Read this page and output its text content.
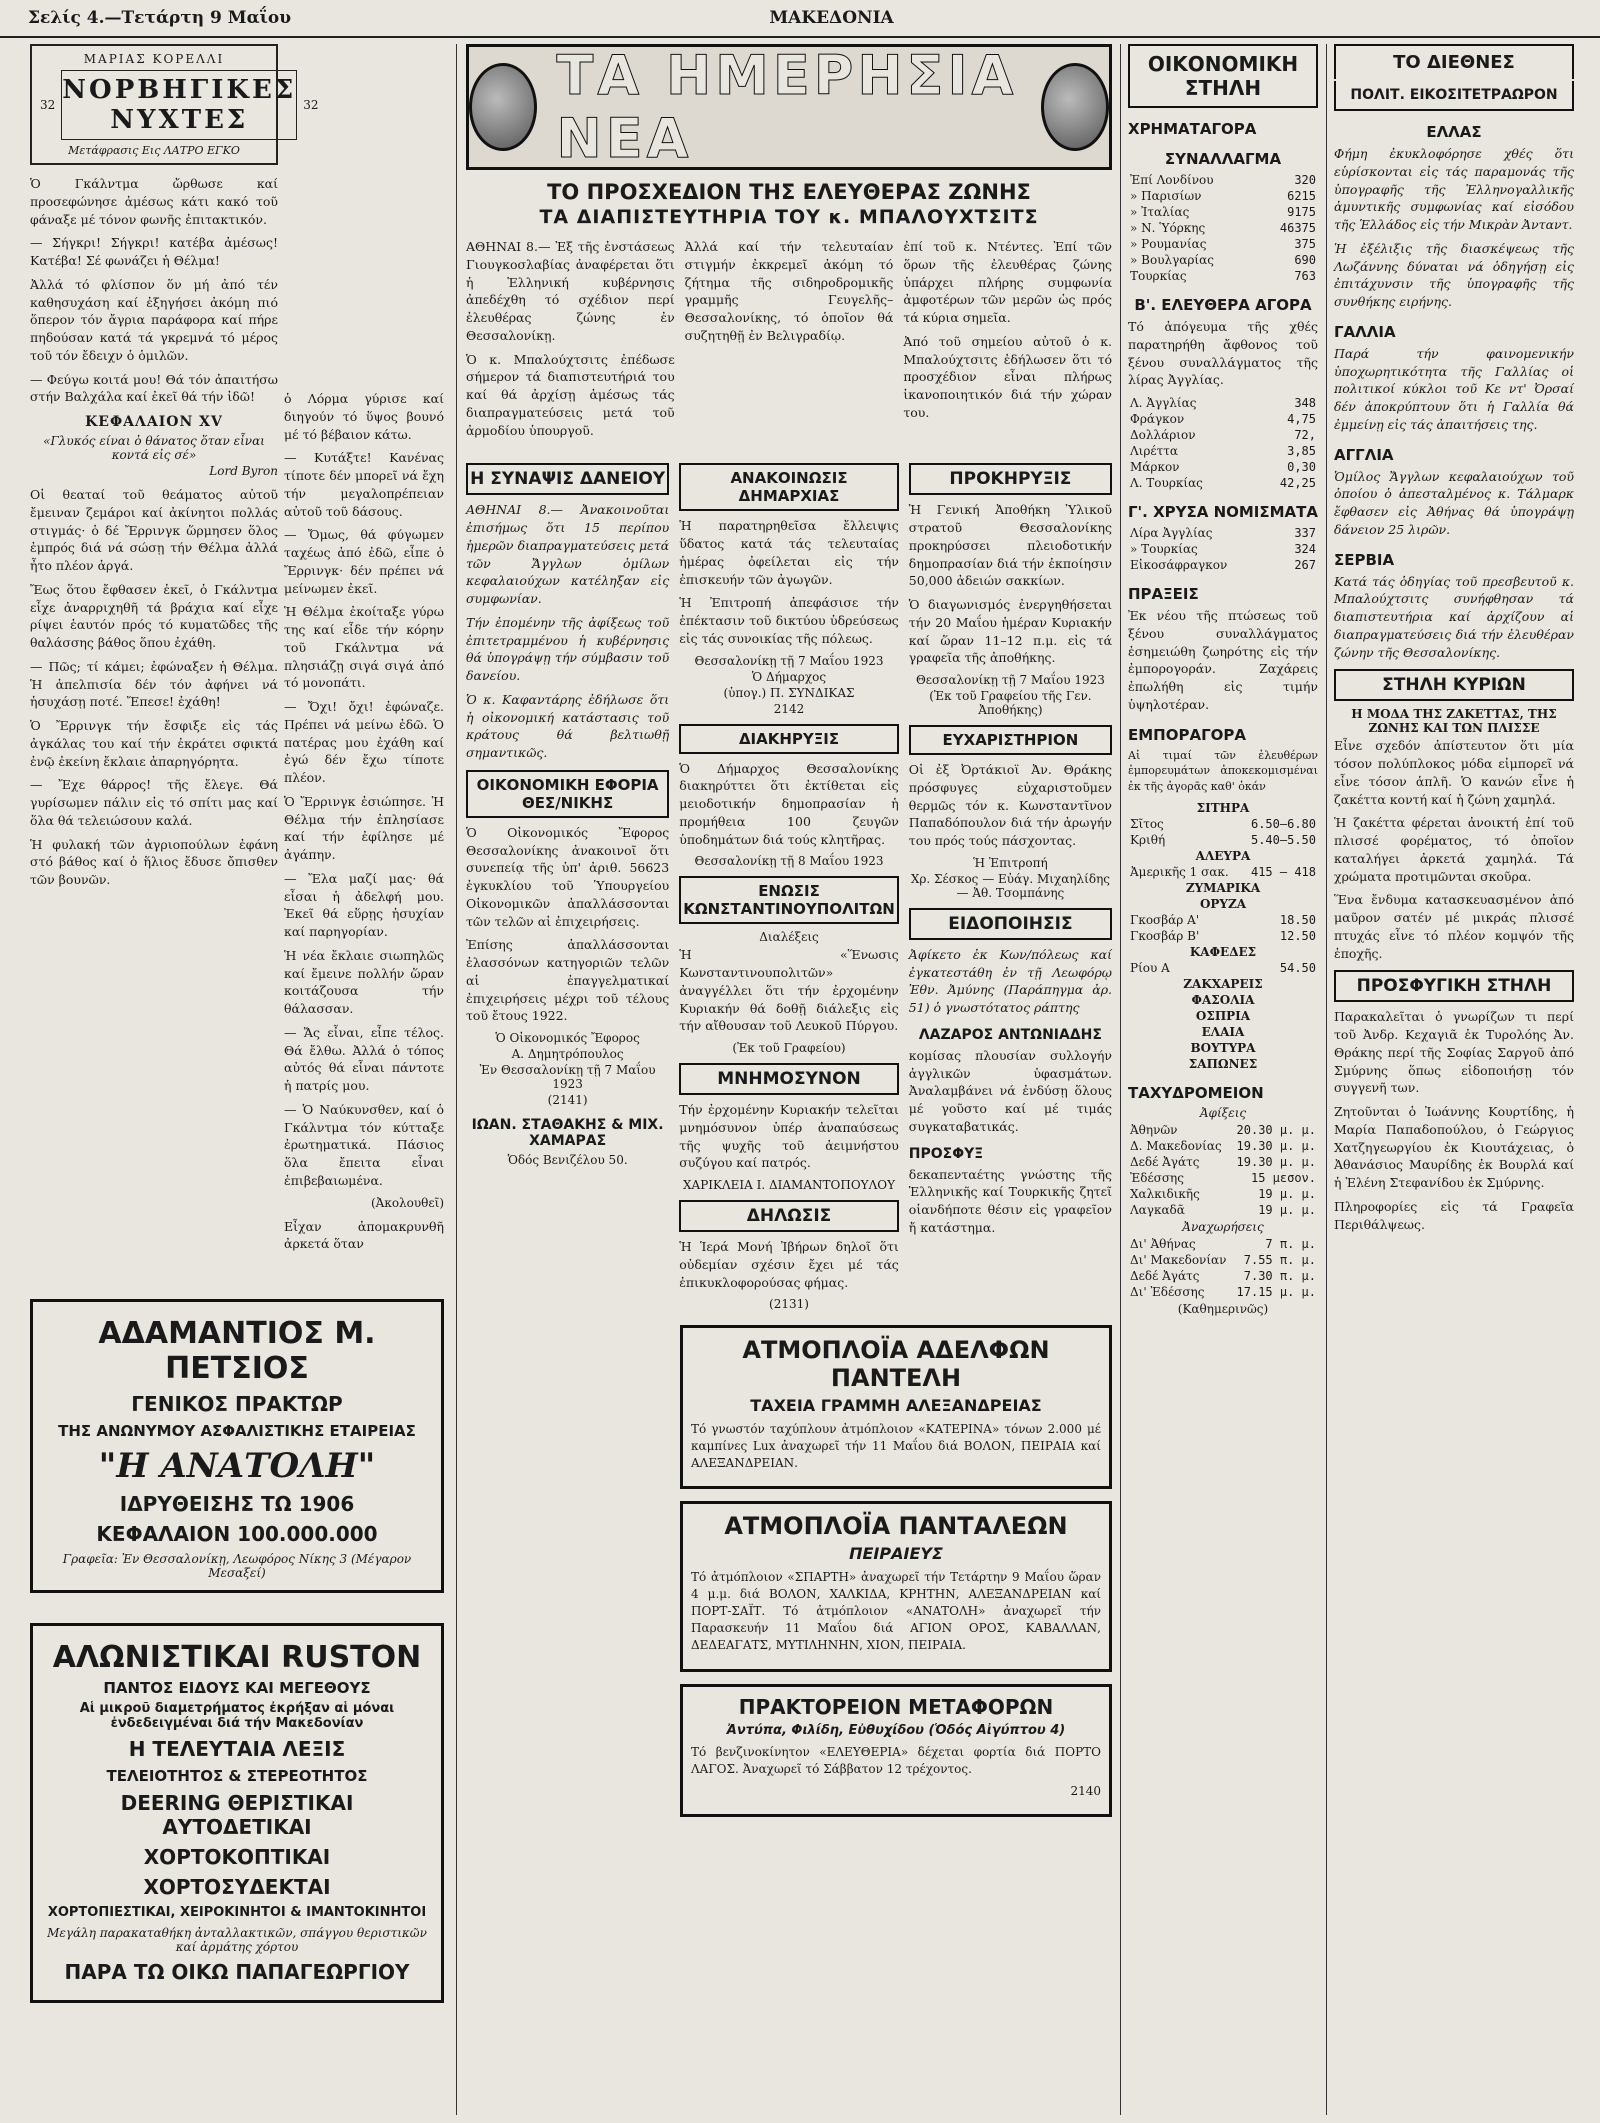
Σελίς 4.—Τετάρτη 9 Μαΐου	ΜΑΚΕΔΟΝΙΑ
ΜΑΡΙΑΣ ΚΟΡΕΛΛΙ
32 ΝΟΡΒΗΓΙΚΕΣ ΝΥΧΤΕΣ	32
Μετάφρασις Εις ΛΑΤΡΟ ΕΓΚΟ

Ὁ Γκάλντμα ὤρθωσε καί προσεφώνησε ἀμέσως κάτι κακό τοῦ φάναξε μέ τόνον φωνῆς ἐπιτακτικόν.

— Σήγκρι! Σήγκρι! κατέβα ἀμέσως! Κατέβα! Σέ φωνάζει ἡ Θέλμα!

Ἀλλά τό φλίσπον ὅν μή ἀπό τέν καθησυχάση καί ἐξηγήσει ἀκόμη πιό ὅπερον τόν ἄγρια παράφορα καί πήρε πηδούσαν κατά τά γκρεμνά τό μέρος τοῦ τόν ἔδειχν ὁ ὁμιλῶν.

— Φεύγω κοιτά μου! Θά τόν ἀπαιτήσω στήν Βαλχάλα καί ἐκεῖ θά τήν ἰδῶ!

ΚΕΦΑΛΑΙΟΝ XV
«Γλυκός είναι ὁ θάνατος ὅταν εἶναι κοντά εἰς σέ»
Lord Byron

Οἱ θεαταί τοῦ θεάματος αὐτοῦ ἔμειναν ζεμάροι καί ἀκίνητοι πολλάς στιγμάς· ὁ δέ Ἔρρινγκ ὥρμησεν ὅλος ἐμπρός διά νά σώσῃ τήν Θέλμα ἀλλά ἦτο πλέον ἀργά.

Ἔως ὅτου ἔφθασεν ἐκεῖ, ὁ Γκάλντμα εἶχε ἀναρριχηθῆ τά βράχια καί εἶχε ρίψει ἑαυτόν πρός τό κυματῶδες τῆς θαλάσσης βάθος ὅπου ἐχάθη.

— Πῶς; τί κάμει; ἐφώναξεν ἡ Θέλμα. Ἡ ἀπελπισία δέν τόν ἀφήνει νά ἡσυχάσῃ ποτέ. Ἔπεσε! ἐχάθη!

Ὁ Ἔρρινγκ τήν ἔσφιξε εἰς τάς ἀγκάλας του καί τήν ἐκράτει σφικτά ἐνῷ ἐκείνη ἔκλαιε ἀπαρηγόρητα.

— Ἔχε θάρρος! τῆς ἔλεγε. Θά γυρίσωμεν πάλιν εἰς τό σπίτι μας καί ὅλα θά τελειώσουν καλά.

Ἡ φυλακή τῶν ἀγριοπούλων ἐφάνη στό βάθος καί ὁ ἥλιος ἔδυσε ὄπισθεν τῶν βουνῶν.

ὁ Λόρμα γύρισε καί διηγούν τό ὕψος βουνό μέ τό βέβαιον κάτω.

— Κυτάξτε! Κανένας τίποτε δέν μπορεῖ νά ἔχη τήν μεγαλοπρέπειαν αὐτοῦ τοῦ δάσους.

— Ὄμως, θά φύγωμεν ταχέως ἀπό ἐδῶ, εἶπε ὁ Ἔρρινγκ· δέν πρέπει νά μείνωμεν ἐκεῖ.

Ἡ Θέλμα ἐκοίταξε γύρω της καί εἶδε τήν κόρην τοῦ Γκάλντμα νά πλησιάζῃ σιγά σιγά ἀπό τό μονοπάτι.

— Ὄχι! ὄχι! ἐφώναζε. Πρέπει νά μείνω ἐδῶ. Ὁ πατέρας μου ἐχάθη καί ἐγώ δέν ἔχω τίποτε πλέον.

Ὁ Ἔρρινγκ ἐσιώπησε. Ἡ Θέλμα τήν ἐπλησίασε καί τήν ἐφίλησε μέ ἀγάπην.

— Ἔλα μαζί μας· θά εἶσαι ἡ ἀδελφή μου. Ἐκεῖ θά εὕρῃς ἡσυχίαν καί παρηγορίαν.

Ἡ νέα ἔκλαιε σιωπηλῶς καί ἔμεινε πολλήν ὥραν κοιτάζουσα τήν θάλασσαν.

— Ἄς εἶναι, εἶπε τέλος. Θά ἔλθω. Ἀλλά ὁ τόπος αὐτός θά εἶναι πάντοτε ἡ πατρίς μου.

— Ὁ Ναύκυνσθεν, καί ὁ Γκάλντμα τόν κύτταξε ἐρωτηματικά. Πάσιος ὅλα ἔπειτα εἶναι ἐπιβεβαιωμένα.

(Ἀκολουθεῖ)

Εἶχαν ἀπομακρυνθῆ ἀρκετά ὅταν

ΑΔΑΜΑΝΤΙΟΣ Μ. ΠΕΤΣΙΟΣ
ΓΕΝΙΚΟΣ ΠΡΑΚΤΩΡ
ΤΗΣ ΑΝΩΝΥΜΟΥ ΑΣΦΑΛΙΣΤΙΚΗΣ ΕΤΑΙΡΕΙΑΣ
"Η ΑΝΑΤΟΛΗ"
ΙΔΡΥΘΕΙΣΗΣ ΤΩ 1906
ΚΕΦΑΛΑΙΟΝ 100.000.000
Γραφεῖα: Ἐν Θεσσαλονίκῃ, Λεωφόρος Νίκης 3 (Μέγαρον Μεσαξεί)
ΑΛΩΝΙΣΤΙΚΑΙ RUSTON
ΠΑΝΤΟΣ ΕΙΔΟΥΣ ΚΑΙ ΜΕΓΕΘΟΥΣ
Αἱ μικροῦ διαμετρήματος ἐκρήξαν αἱ μόναι ἐνδεδειγμέναι διά τήν Μακεδονίαν
Η ΤΕΛΕΥΤΑΙΑ ΛΕΞΙΣ
ΤΕΛΕΙΟΤΗΤΟΣ & ΣΤΕΡΕΟΤΗΤΟΣ
DEERING ΘΕΡΙΣΤΙΚΑΙ ΑΥΤΟΔΕΤΙΚΑΙ
ΧΟΡΤΟΚΟΠΤΙΚΑΙ
ΧΟΡΤΟΣΥΔΕΚΤΑΙ
ΧΟΡΤΟΠΙΕΣΤΙΚΑΙ, ΧΕΙΡΟΚΙΝΗΤΟΙ & ΙΜΑΝΤΟΚΙΝΗΤΟΙ
Μεγάλη παρακαταθήκη ἀνταλλακτικῶν, σπάγγου θεριστικῶν καί ἀρμάτης χόρτου
ΠΑΡΑ ΤΩ ΟΙΚΩ ΠΑΠΑΓΕΩΡΓΙΟΥ
ΤΑ ΗΜΕΡΗΣΙΑ ΝΕΑ
ΤΟ ΠΡΟΣΧΕΔΙΟΝ ΤΗΣ ΕΛΕΥΘΕΡΑΣ ΖΩΝΗΣ
ΤΑ ΔΙΑΠΙΣΤΕΥΤΗΡΙΑ ΤΟΥ κ. ΜΠΑΛΟΥΧΤΣΙΤΣ

ΑΘΗΝΑΙ 8.— Ἐξ τῆς ἐνστάσεως Γιουγκοσλαβίας ἀναφέρεται ὅτι ἡ Ἑλληνική κυβέρνησις ἀπεδέχθη τό σχέδιον περί ἐλευθέρας ζώνης ἐν Θεσσαλονίκῃ.

Ὁ κ. Μπαλούχτσιτς ἐπέδωσε σήμερον τά διαπιστευτήριά του καί θά ἀρχίσῃ ἀμέσως τάς διαπραγματεύσεις μετά τοῦ ἀρμοδίου ὑπουργοῦ.

Ἀλλά καί τήν τελευταίαν στιγμήν ἐκκρεμεῖ ἀκόμη τό ζήτημα τῆς σιδηροδρομικῆς γραμμῆς Γευγελῆς–Θεσσαλονίκης, τό ὁποῖον θά συζητηθῇ ἐν Βελιγραδίῳ.

ἐπί τοῦ κ. Ντέντες. Ἐπί τῶν ὅρων τῆς ἐλευθέρας ζώνης ὑπάρχει πλήρης συμφωνία ἀμφοτέρων τῶν μερῶν ὡς πρός τά κύρια σημεῖα.

Ἀπό τοῦ σημείου αὐτοῦ ὁ κ. Μπαλούχτσιτς ἐδήλωσεν ὅτι τό προσχέδιον εἶναι πλήρως ἱκανοποιητικόν διά τήν χώραν του.

Η ΣΥΝΑΨΙΣ ΔΑΝΕΙΟΥ

ΑΘΗΝΑΙ 8.— Ἀνακοινοῦται ἐπισήμως ὅτι 15 περίπου ἡμερῶν διαπραγματεύσεις μετά τῶν Ἄγγλων ὁμίλων κεφαλαιούχων κατέληξαν εἰς συμφωνίαν.

Τήν ἐπομένην τῆς ἀφίξεως τοῦ ἐπιτετραμμένου ἡ κυβέρνησις θά ὑπογράψῃ τήν σύμβασιν τοῦ δανείου.

Ὁ κ. Καφαντάρης ἐδήλωσε ὅτι ἡ οἰκονομική κατάστασις τοῦ κράτους θά βελτιωθῇ σημαντικῶς.

ΟΙΚΟΝΟΜΙΚΗ ΕΦΟΡΙΑ ΘΕΣ/ΝΙΚΗΣ

Ὁ Οἰκονομικός Ἔφορος Θεσσαλονίκης ἀνακοινοῖ ὅτι συνεπείᾳ τῆς ὑπ' ἀριθ. 56623 ἐγκυκλίου τοῦ Ὑπουργείου Οἰκονομικῶν ἀπαλλάσσονται τῶν τελῶν αἱ ἐπιχειρήσεις.

Ἐπίσης ἀπαλλάσσονται ἐλασσόνων κατηγοριῶν τελῶν αἱ ἐπαγγελματικαί ἐπιχειρήσεις μέχρι τοῦ τέλους τοῦ ἔτους 1922.

Ὁ Οἰκονομικός Ἔφορος
Α. Δημητρόπουλος
Ἐν Θεσσαλονίκῃ τῇ 7 Μαΐου 1923
(2141)
ΙΩΑΝ. ΣΤΑΘΑΚΗΣ & ΜΙΧ. ΧΑΜΑΡΑΣ
Ὁδός Βενιζέλου 50.
ΑΝΑΚΟΙΝΩΣΙΣ ΔΗΜΑΡΧΙΑΣ

Ἡ παρατηρηθεῖσα ἔλλειψις ὕδατος κατά τάς τελευταίας ἡμέρας ὀφείλεται εἰς τήν ἐπισκευήν τῶν ἀγωγῶν.

Ἡ Ἐπιτροπή ἀπεφάσισε τήν ἐπέκτασιν τοῦ δικτύου ὑδρεύσεως εἰς τάς συνοικίας τῆς πόλεως.

Θεσσαλονίκῃ τῇ 7 Μαΐου 1923
Ὁ Δήμαρχος
(ὑπογ.) Π. ΣΥΝΔΙΚΑΣ
2142
ΔΙΑΚΗΡΥΞΙΣ

Ὁ Δήμαρχος Θεσσαλονίκης διακηρύττει ὅτι ἐκτίθεται εἰς μειοδοτικήν δημοπρασίαν ἡ προμήθεια 100 ζευγῶν ὑποδημάτων διά τούς κλητῆρας.

Θεσσαλονίκῃ τῇ 8 Μαΐου 1923
ΕΝΩΣΙΣ ΚΩΝΣΤΑΝΤΙΝΟΥΠΟΛΙΤΩΝ
Διαλέξεις

Ἡ «Ἕνωσις Κωνσταντινουπολιτῶν» ἀναγγέλλει ὅτι τήν ἐρχομένην Κυριακήν θά δοθῇ διάλεξις εἰς τήν αἴθουσαν τοῦ Λευκοῦ Πύργου.

(Ἐκ τοῦ Γραφείου)
ΜΝΗΜΟΣΥΝΟΝ

Τήν ἐρχομένην Κυριακήν τελεῖται μνημόσυνον ὑπέρ ἀναπαύσεως τῆς ψυχῆς τοῦ ἀειμνήστου συζύγου καί πατρός.

ΧΑΡΙΚΛΕΙΑ Ι. ΔΙΑΜΑΝΤΟΠΟΥΛΟΥ
ΔΗΛΩΣΙΣ

Ἡ Ἱερά Μονή Ἰβήρων δηλοῖ ὅτι οὐδεμίαν σχέσιν ἔχει μέ τάς ἐπικυκλοφορούσας φήμας.

(2131)
ΠΡΟΚΗΡΥΞΙΣ

Ἡ Γενική Ἀποθήκη Ὑλικοῦ στρατοῦ Θεσσαλονίκης προκηρύσσει πλειοδοτικήν δημοπρασίαν διά τήν ἐκποίησιν 50,000 ἀδειών σακκίων.

Ὁ διαγωνισμός ἐνεργηθήσεται τήν 20 Μαΐου ἡμέραν Κυριακήν καί ὥραν 11–12 π.μ. εἰς τά γραφεῖα τῆς ἀποθήκης.

Θεσσαλονίκῃ τῇ 7 Μαΐου 1923
(Ἐκ τοῦ Γραφείου τῆς Γεν. Ἀποθήκης)
ΕΥΧΑΡΙΣΤΗΡΙΟΝ

Οἱ ἐξ Ὀρτάκιοϊ Ἀν. Θράκης πρόσφυγες εὐχαριστοῦμεν θερμῶς τόν κ. Κωνσταντῖνον Παπαδόπουλον διά τήν ἀρωγήν του πρός τούς πάσχοντας.

Ἡ Ἐπιτροπή
Χρ. Σέσκος — Εὐάγ. Μιχαηλίδης — Ἀθ. Τσομπάνης
ΕΙΔΟΠΟΙΗΣΙΣ

Ἀφίκετο ἐκ Κων/πόλεως καί ἐγκατεστάθη ἐν τῇ Λεωφόρῳ Ἐθν. Ἀμύνης (Παράπηγμα ἀρ. 51) ὁ γνωστότατος ράπτης

ΛΑΖΑΡΟΣ ΑΝΤΩΝΙΑΔΗΣ

κομίσας πλουσίαν συλλογήν ἀγγλικῶν ὑφασμάτων. Ἀναλαμβάνει νά ἐνδύσῃ ὅλους μέ γοῦστο καί μέ τιμάς συγκαταβατικάς.

ΠΡΟΣΦΥΞ

δεκαπενταέτης γνώστης τῆς Ἑλληνικῆς καί Τουρκικῆς ζητεῖ οἱανδήποτε θέσιν εἰς γραφεῖον ἤ κατάστημα.

ΑΤΜΟΠΛΟΪΑ ΑΔΕΛΦΩΝ ΠΑΝΤΕΛΗ
ΤΑΧΕΙΑ ΓΡΑΜΜΗ ΑΛΕΞΑΝΔΡΕΙΑΣ

Τό γνωστόν ταχύπλουν ἀτμόπλοιον «ΚΑΤΕΡΙΝΑ» τόνων 2.000 μέ καμπίνες Lux ἀναχωρεῖ τήν 11 Μαΐου διά ΒΟΛΟΝ, ΠΕΙΡΑΙΑ καί ΑΛΕΞΑΝΔΡΕΙΑΝ.

ΑΤΜΟΠΛΟΪΑ ΠΑΝΤΑΛΕΩΝ
ΠΕΙΡΑΙΕΥΣ

Τό ἀτμόπλοιον «ΣΠΑΡΤΗ» ἀναχωρεῖ τήν Τετάρτην 9 Μαΐου ὥραν 4 μ.μ. διά ΒΟΛΟΝ, ΧΑΛΚΙΔΑ, ΚΡΗΤΗΝ, ΑΛΕΞΑΝΔΡΕΙΑΝ καί ΠΟΡΤ-ΣΑΪΤ. Τό ἀτμόπλοιον «ΑΝΑΤΟΛΗ» ἀναχωρεῖ τήν Παρασκευήν 11 Μαΐου διά ΑΓΙΟΝ ΟΡΟΣ, ΚΑΒΑΛΛΑΝ, ΔΕΔΕΑΓΑΤΣ, ΜΥΤΙΛΗΝΗΝ, ΧΙΟΝ, ΠΕΙΡΑΙΑ.

ΠΡΑΚΤΟΡΕΙΟΝ ΜΕΤΑΦΟΡΩΝ
Ἀντύπα, Φιλίδη, Εὐθυχίδου (Ὁδός Αἰγύπτου 4)

Τό βενζινοκίνητον «ΕΛΕΥΘΕΡΙΑ» δέχεται φορτία διά ΠΟΡΤΟ ΛΑΓΟΣ. Ἀναχωρεῖ τό Σάββατον 12 τρέχοντος.

2140
ΟΙΚΟΝΟΜΙΚΗ ΣΤΗΛΗ
ΧΡΗΜΑΤΑΓΟΡΑ
ΣΥΝΑΛΛΑΓΜΑ
Ἐπί Λονδίνου	320
» Παρισίων	6215
» Ἰταλίας	9175
» Ν. Ὑόρκης	46375
» Ρουμανίας	375
» Βουλγαρίας	690
Τουρκίας	763
Β'. ΕΛΕΥΘΕΡΑ ΑΓΟΡΑ

Τό ἀπόγευμα τῆς χθές παρατηρήθη ἄφθονος τοῦ ξένου συναλλάγματος τῆς λίρας Ἀγγλίας.

Λ. Ἀγγλίας	348
Φράγκον	4,75
Δολλάριον	72,
Λιρέττα	3,85
Μάρκον	0,30
Λ. Τουρκίας	42,25
Γ'. ΧΡΥΣΑ ΝΟΜΙΣΜΑΤΑ
Λίρα Ἀγγλίας	337
» Τουρκίας	324
Εἰκοσάφραγκον	267
ΠΡΑΞΕΙΣ

Ἐκ νέου τῆς πτώσεως τοῦ ξένου συναλλάγματος ἐσημειώθη ζωηρότης εἰς τήν ἐμπορογοράν. Ζαχάρεις ἐπωλήθη εἰς τιμήν ὑψηλοτέραν.

ΕΜΠΟΡΑΓΟΡΑ

Αἱ τιμαί τῶν ἐλευθέρων ἐμπορευμάτων ἀποκεκομισμέναι ἐκ τῆς ἀγορᾶς καθ' ὀκάν

ΣΙΤΗΡΑ	
Σῖτος	6.50—6.80
Κριθή	5.40—5.50
ΑΛΕΥΡΑ	
Ἀμερικῆς 1 σακ.	415 — 418
ΖΥΜΑΡΙΚΑ	
ΟΡΥΖΑ	
Γκοσβάρ Α'	18.50
Γκοσβάρ Β'	12.50
ΚΑΦΕΔΕΣ	
Ρίου Α	54.50
ΖΑΚΧΑΡΕΙΣ	
ΦΑΣΟΛΙΑ	
ΟΣΠΡΙΑ	
ΕΛΑΙΑ	
ΒΟΥΤΥΡΑ	
ΣΑΠΩΝΕΣ	
ΤΑΧΥΔΡΟΜΕΙΟΝ
Ἀφίξεις
Ἀθηνῶν	20.30 μ. μ.
Δ. Μακεδονίας	19.30 μ. μ.
Δεδέ Ἀγάτς	19.30 μ. μ.
Ἐδέσσης	15 μεσον.
Χαλκιδικῆς	19 μ. μ.
Λαγκαδᾶ	19 μ. μ.
Ἀναχωρήσεις
Δι' Ἀθήνας	7 π. μ.
Δι' Μακεδονίαν	7.55 π. μ.
Δεδέ Ἀγάτς	7.30 π. μ.
Δι' Ἐδέσσης	17.15 μ. μ.
(Καθημερινῶς)
ΤΟ ΔΙΕΘΝΕΣ
ΠΟΛΙΤ. ΕΙΚΟΣΙΤΕΤΡΑΩΡΟΝ
ΕΛΛΑΣ

Φήμη ἐκυκλοφόρησε χθές ὅτι εὑρίσκονται εἰς τάς παραμονάς τῆς ὑπογραφῆς τῆς Ἑλληνογαλλικῆς ἀμυντικῆς συμφωνίας καί εἰσόδου τῆς Ἑλλάδος εἰς τήν Μικρὰν Ἀνταντ.

Ἡ ἐξέλιξις τῆς διασκέψεως τῆς Λωζάννης δύναται νά ὁδηγήσῃ εἰς ἐπιτάχυνσιν τῆς ὑπογραφῆς τῆς συνθήκης ειρήνης.

ΓΑΛΛΙΑ

Παρά τήν φαινομενικήν ὑποχωρητικότητα τῆς Γαλλίας οἱ πολιτικοί κύκλοι τοῦ Κε ντ' Ὀρσαί δέν ἀποκρύπτουν ὅτι ἡ Γαλλία θά ἐμμείνῃ εἰς τάς ἀπαιτήσεις της.

ΑΓΓΛΙΑ

Ὁμίλος Ἄγγλων κεφαλαιούχων τοῦ ὁποίου ὁ ἀπεσταλμένος κ. Τάλμαρκ ἔφθασεν εἰς Ἀθήνας θά ὑπογράψῃ δάνειον 25 λιρῶν.

ΣΕΡΒΙΑ

Κατά τάς ὁδηγίας τοῦ πρεσβευτοῦ κ. Μπαλούχτσιτς συνήφθησαν τά διαπιστευτήρια καί ἀρχίζουν αἱ διαπραγματεύσεις διά τήν ἐλευθέραν ζώνην τῆς Θεσσαλονίκης.

ΣΤΗΛΗ ΚΥΡΙΩΝ
Η ΜΟΔΑ ΤΗΣ ΖΑΚΕΤΤΑΣ, ΤΗΣ ΖΩΝΗΣ ΚΑΙ ΤΩΝ ΠΛΙΣΣΕ

Εἶνε σχεδόν ἀπίστευτον ὅτι μία τόσον πολύπλοκος μόδα εἰμπορεῖ νά εἶνε τόσον ἁπλῆ. Ὁ κανών εἶνε ἡ ζακέττα κοντή καί ἡ ζώνη χαμηλά.

Ἡ ζακέττα φέρεται ἀνοικτή ἐπί τοῦ πλισσέ φορέματος, τό ὁποῖον καταλήγει ἀρκετά χαμηλά. Τά χρώματα προτιμῶνται σκοῦρα.

Ἕνα ἔνδυμα κατασκευασμένον ἀπό μαῦρον σατέν μέ μικράς πλισσέ πτυχάς εἶνε τό πλέον κομψόν τῆς ἐποχῆς.

ΠΡΟΣΦΥΓΙΚΗ ΣΤΗΛΗ

Παρακαλεῖται ὁ γνωρίζων τι περί τοῦ Ἀνδρ. Κεχαγιᾶ ἐκ Τυρολόης Ἀν. Θράκης περί τῆς Σοφίας Σαργοῦ ἀπό Σμύρνης ὅπως εἰδοποιήσῃ τόν συγγενῆ των.

Ζητοῦνται ὁ Ἰωάννης Κουρτίδης, ἡ Μαρία Παπαδοπούλου, ὁ Γεώργιος Χατζηγεωργίου ἐκ Κιουτάχειας, ὁ Ἀθανάσιος Μαυρίδης ἐκ Βουρλά καί ἡ Ἑλένη Στεφανίδου ἐκ Σμύρνης.

Πληροφορίες εἰς τά Γραφεῖα Περιθάλψεως.
